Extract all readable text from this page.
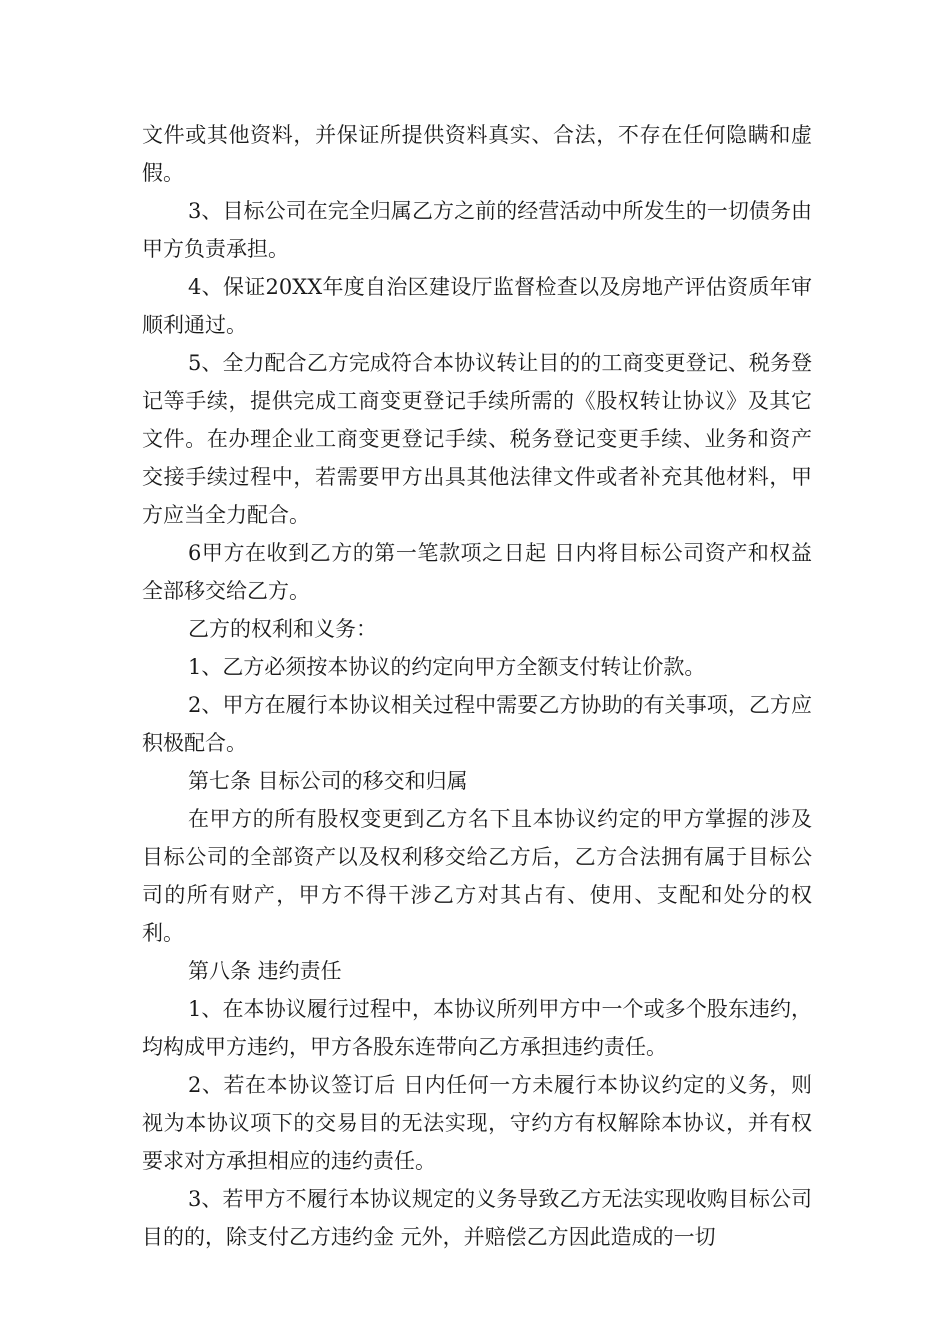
文件或其他资料，并保证所提供资料真实、合法，不存在任何隐瞒和虚假。

3、目标公司在完全归属乙方之前的经营活动中所发生的一切债务由甲方负责承担。

4、保证20XX年度自治区建设厅监督检查以及房地产评估资质年审顺利通过。

5、全力配合乙方完成符合本协议转让目的的工商变更登记、税务登记等手续，提供完成工商变更登记手续所需的《股权转让协议》及其它文件。在办理企业工商变更登记手续、税务登记变更手续、业务和资产交接手续过程中，若需要甲方出具其他法律文件或者补充其他材料，甲方应当全力配合。

6甲方在收到乙方的第一笔款项之日起 日内将目标公司资产和权益全部移交给乙方。

乙方的权利和义务：

1、乙方必须按本协议的约定向甲方全额支付转让价款。

2、甲方在履行本协议相关过程中需要乙方协助的有关事项，乙方应积极配合。

第七条 目标公司的移交和归属

在甲方的所有股权变更到乙方名下且本协议约定的甲方掌握的涉及目标公司的全部资产以及权利移交给乙方后，乙方合法拥有属于目标公司的所有财产，甲方不得干涉乙方对其占有、使用、支配和处分的权利。

第八条 违约责任

1、在本协议履行过程中，本协议所列甲方中一个或多个股东违约，均构成甲方违约，甲方各股东连带向乙方承担违约责任。

2、若在本协议签订后 日内任何一方未履行本协议约定的义务，则视为本协议项下的交易目的无法实现，守约方有权解除本协议，并有权要求对方承担相应的违约责任。

3、若甲方不履行本协议规定的义务导致乙方无法实现收购目标公司目的的，除支付乙方违约金 元外，并赔偿乙方因此造成的一切
